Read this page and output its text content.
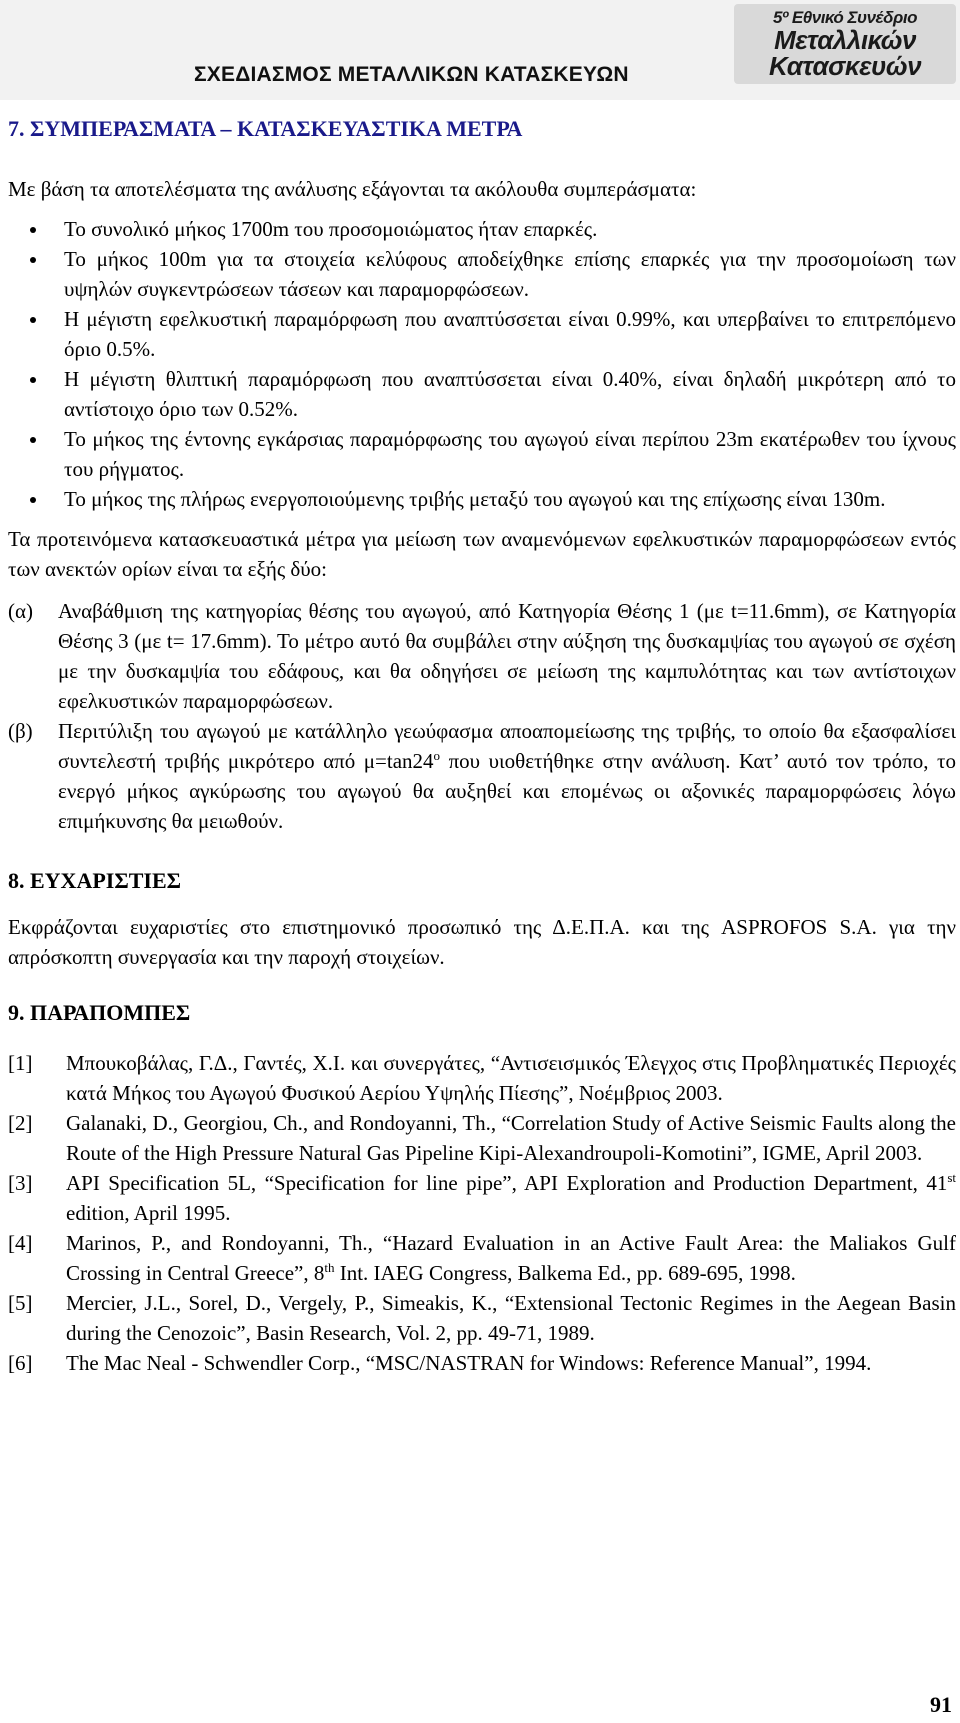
ΣΧΕΔΙΑΣΜΟΣ ΜΕΤΑΛΛΙΚΩΝ ΚΑΤΑΣΚΕΥΩΝ
5º Εθνικό Συνέδριο
Μεταλλικών
Κατασκευών
7. ΣΥΜΠΕΡΑΣΜΑΤΑ – ΚΑΤΑΣΚΕΥΑΣΤΙΚΑ ΜΕΤΡΑ

Με βάση τα αποτελέσματα της ανάλυσης εξάγονται τα ακόλουθα συμπεράσματα:

Το συνολικό μήκος 1700m του προσομοιώματος ήταν επαρκές.
Το μήκος 100m για τα στοιχεία κελύφους αποδείχθηκε επίσης επαρκές για την προσομοίωση των υψηλών συγκεντρώσεων τάσεων και παραμορφώσεων.
Η μέγιστη εφελκυστική παραμόρφωση που αναπτύσσεται είναι 0.99%, και υπερβαίνει το επιτρεπόμενο όριο 0.5%.
Η μέγιστη θλιπτική παραμόρφωση που αναπτύσσεται είναι 0.40%, είναι δηλαδή μικρότερη από το αντίστοιχο όριο των 0.52%.
Το μήκος της έντονης εγκάρσιας παραμόρφωσης του αγωγού είναι περίπου 23m εκατέρωθεν του ίχνους του ρήγματος.
Το μήκος της πλήρως ενεργοποιούμενης τριβής μεταξύ του αγωγού και της επίχωσης είναι 130m.

Τα προτεινόμενα κατασκευαστικά μέτρα για μείωση των αναμενόμενων εφελκυστικών παραμορφώσεων εντός των ανεκτών ορίων είναι τα εξής δύο:

(α)	Αναβάθμιση της κατηγορίας θέσης του αγωγού, από Κατηγορία Θέσης 1 (με t=11.6mm), σε Κατηγορία Θέσης 3 (με t= 17.6mm). Το μέτρο αυτό θα συμβάλει στην αύξηση της δυσκαμψίας του αγωγού σε σχέση με την δυσκαμψία του εδάφους, και θα οδηγήσει σε μείωση της καμπυλότητας και των αντίστοιχων εφελκυστικών παραμορφώσεων.
(β)	Περιτύλιξη του αγωγού με κατάλληλο γεωύφασμα αποαπομείωσης της τριβής, το οποίο θα εξασφαλίσει συντελεστή τριβής μικρότερο από $\mu=\tan 24^o$ που υιοθετήθηκε στην ανάλυση. Κατ’ αυτό τον τρόπο, το ενεργό μήκος αγκύρωσης του αγωγού θα αυξηθεί και επομένως οι αξονικές παραμορφώσεις λόγω επιμήκυνσης θα μειωθούν.
8. ΕΥΧΑΡΙΣΤΙΕΣ

Εκφράζονται ευχαριστίες στο επιστημονικό προσωπικό της Δ.Ε.Π.Α. και της ASPROFOS S.A. για την απρόσκοπτη συνεργασία και την παροχή στοιχείων.

9. ΠΑΡΑΠΟΜΠΕΣ
[1]	Μπουκοβάλας, Γ.Δ., Γαντές, Χ.Ι. και συνεργάτες, “Αντισεισμικός Έλεγχος στις Προβληματικές Περιοχές κατά Μήκος του Αγωγού Φυσικού Αερίου Υψηλής Πίεσης”, Νοέμβριος 2003.
[2]	Galanaki, D., Georgiou, Ch., and Rondoyanni, Th., “Correlation Study of Active Seismic Faults along the Route of the High Pressure Natural Gas Pipeline Kipi-Alexandroupoli-Komotini”, IGME, April 2003.
[3]	API Specification 5L, “Specification for line pipe”, API Exploration and Production Department, 41st edition, April 1995.
[4]	Marinos, P., and Rondoyanni, Th., “Hazard Evaluation in an Active Fault Area: the Maliakos Gulf Crossing in Central Greece”, 8th Int. IAEG Congress, Balkema Ed., pp. 689-695, 1998.
[5]	Mercier, J.L., Sorel, D., Vergely, P., Simeakis, K., “Extensional Tectonic Regimes in the Aegean Basin during the Cenozoic”, Basin Research, Vol. 2, pp. 49-71, 1989.
[6]	The Mac Neal - Schwendler Corp., “MSC/NASTRAN for Windows: Reference Manual”, 1994.
91
